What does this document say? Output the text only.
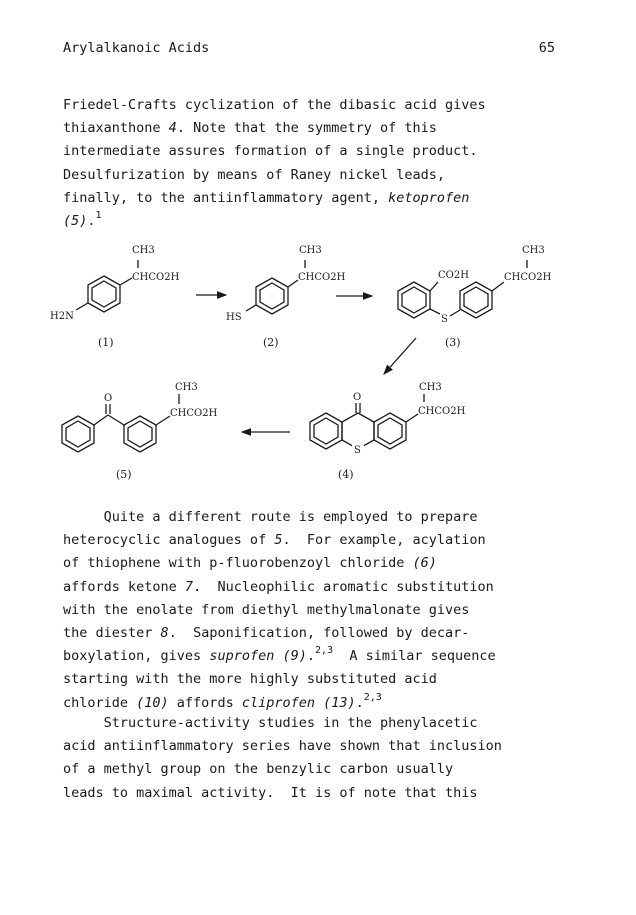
Arylalkanoic Acids	65
Friedel-Crafts cyclization of the dibasic acid gives
thiaxanthone 4. Note that the symmetry of this
intermediate assures formation of a single product.
Desulfurization by means of Raney nickel leads,
finally, to the antiinflammatory agent, ketoprofen
(5).$^1$
CH3
CHCO2H
H2N
(1)
CH3
CHCO2H
HS
(2)
CO2H
S
CH3
CHCO2H
(3)
O
S
CH3
CHCO2H
(4)
O
CH3
CHCO2H
(5)
Quite a different route is employed to prepare
heterocyclic analogues of 5.  For example, acylation
of thiophene with p-fluorobenzoyl chloride (6)
affords ketone 7.  Nucleophilic aromatic substitution
with the enolate from diethyl methylmalonate gives
the diester 8.  Saponification, followed by decar-
boxylation, gives suprofen (9).$^{2,3}$  A similar sequence
starting with the more highly substituted acid
chloride (10) affords cliprofen (13).$^{2,3}$
Structure-activity studies in the phenylacetic
acid antiinflammatory series have shown that inclusion
of a methyl group on the benzylic carbon usually
leads to maximal activity.  It is of note that this
